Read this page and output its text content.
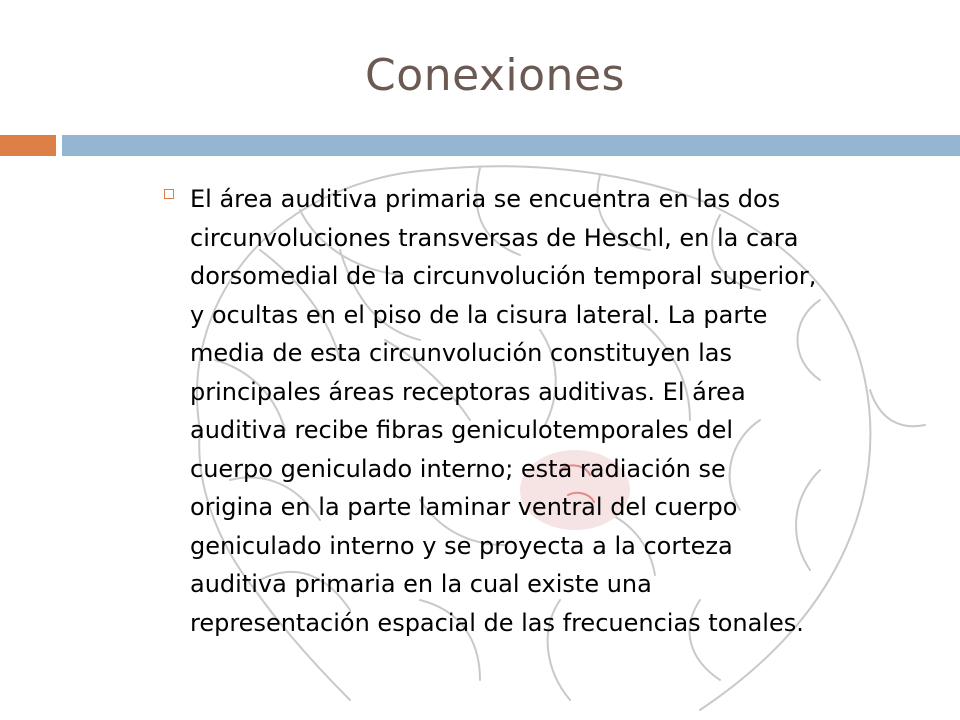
Conexiones

El área auditiva primaria se encuentra en las dos
circunvoluciones transversas de Heschl, en la cara
dorsomedial de la circunvolución temporal superior,
y ocultas en el piso de la cisura lateral. La parte
media de esta circunvolución constituyen las
principales áreas receptoras auditivas. El área
auditiva recibe fibras geniculotemporales del
cuerpo geniculado interno; esta radiación se
origina en la parte laminar ventral del cuerpo
geniculado interno y se proyecta a la corteza
auditiva primaria en la cual existe una
representación espacial de las frecuencias tonales.
